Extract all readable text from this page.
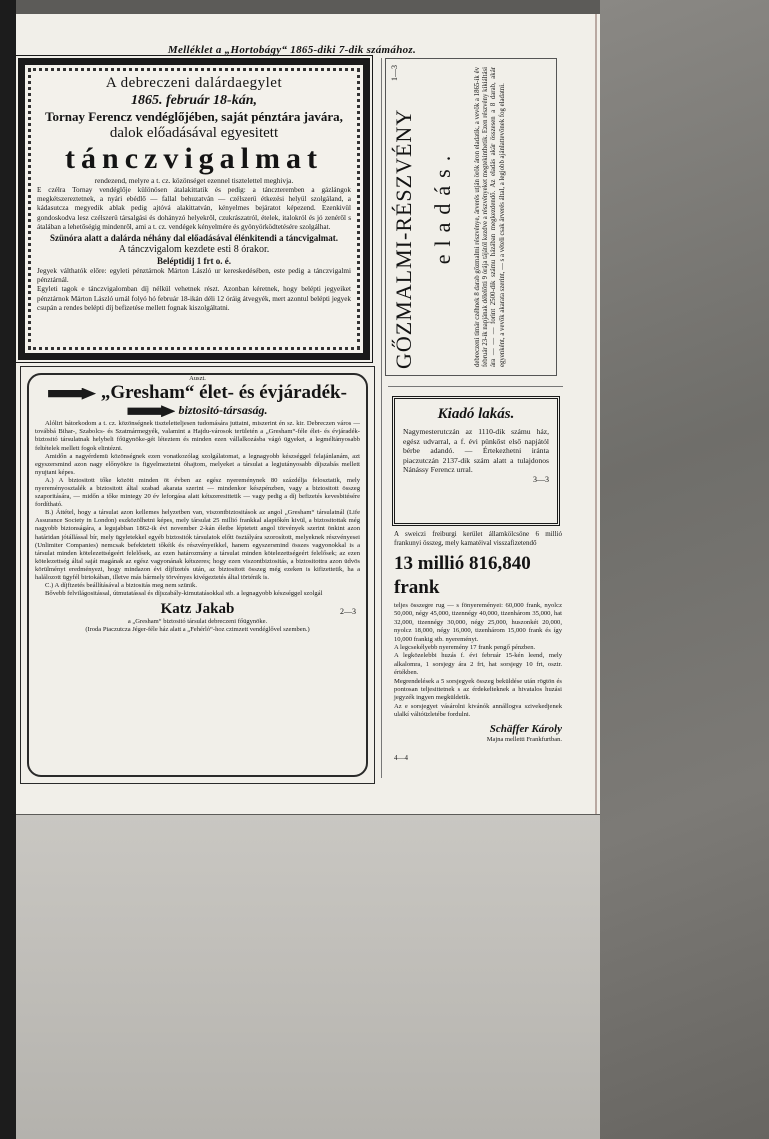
Melléklet a „Hortobágy“ 1865-diki 7-dik számához.
A debreczeni dalárdaegylet
1865. február 18-kán,
Tornay Ferencz vendéglőjében, saját pénztára javára,
dalok előadásával egyesitett
tánczvigalmat
rendezend, melyre a t. cz. közönséget ezennel tisztelettel meghivja.
E czélra Tornay vendéglője különösen átalakittatik és pedig: a tánczteremben a gázlángok megkétszereztetnek, a nyári ebédlő — fallal behuzatván — czélszerü étkezési helyül szolgáland, a kádasutcza megyedik ablak pedig ajtóvá alakittatván, kényelmes bejáratot képezend. Ezenkivül gondoskodva lesz czélszerü társalgási és dohányzó helyekről, czukrászatról, ételek, italokról és jó zenéről s átalában a lehetőségig mindenről, ami a t. cz. vendégek kényelmére és gyönyörködtetésére szolgálhat.
Szünóra alatt a dalárda néhány dal előadásával élénkitendi a táncvigalmat.
A tánczvigalom kezdete esti 8 órakor.
Beléptidij 1 frt o. é.
Jegyek válthatók előre: egyleti pénztárnok Márton László ur kereskedésében, este pedig a tánczvigalmi pénztárnál.
Egyleti tagok e tánczvigalomban díj nélkül vehetnek részt. Azonban kéretnek, hogy belépti jegyeiket pénztárnok Márton László urnál folyó hó február 18-ikán déli 12 óráig átvegyék, mert azontul belépti jegyek csupán a rendes belépti díj befizetése mellett fognak kiszolgáltatni.
Auszt.
„Gresham“ élet- és évjáradék-
biztositó-társaság.

Alólirt bátorkodom a t. cz. közönségnek tiszteletteljesen tudomására juttatni, miszerint én sz. kir. Debreczen város — továbbá Bihar-, Szabolcs- és Szatmármegyék, valamint a Hajdu-városok területén a „Gresham“-féle élet- és évjáradék-biztositó társulatnak helybeli főügynöke-gét léteztem és minden ezen vállalkozásba vágó ügyeket, a legméltányosabb feltételek mellett fogok elintézni.

Amidőn a nagyérdemü közönségnek ezen vonatkozólag szolgálatomat, a legnagyobb készséggel felajánlanám, azt egyszersmind azon nagy előnyökre is figyelmeztetni óhajtom, melyeket a társulat a legjutányosabb díjszabás mellett nyujtani képes.

A.) A biztositott tőke között minden öt évben az egész nyereménynek 80 százdélja felosztatik, mely nyereményosztalék a biztositott által szabad akarata szerint — mindenkor készpénzben, vagy a biztositott összeg szaporitására, — midőn a tőke mintegy 20 év leforgása alatt kétszeresittetik — vagy pedig a díj befizetés kevesbitésére fordítható.

B.) Áttétel, hogy a társulat azon kellemes helyzetben van, viszontbiztositások az angol „Gresham“ társulatnál (Life Assurance Society in London) eszközölhetni képes, mely társulat 25 millió frankkal alaptőkén kivül, a biztositottak még nagyobb biztonságára, a legujabban 1862-ik évi november 2-kán életbe léptetett angol törvények szerint önkint azon határidan jótállással bír, mely ügyletekkel egyéb biztositók társulatok előtt ösztályára szorosított, melyeknek részvényesei (Unlimiter Companies) nemcsak befektetett tőkéik és részvényeikkel, hanem egyszersmind összes vagyonokkal is a társulat minden kötelezettségeért felelősek, az ezen határozmány a társulat minden kötelezettségeért felelősek; az ezen kötelezettség által saját magának az egész vagyonának kétszeres; hogy ezen viszontbiztositás, a biztositottra azon üdvös körülményt eredményezi, hogy mindazon évi díjfizetés után, az biztositott összeg még ezeken is kifizettetik, ha a halálozott ügyfél birtokában, illetve más bármely törvényes kivégeztetés által történik is.

C.) A díjfizetés beállításával a biztositás meg nem szünik.

Bővebb felvilágositással, útmutatással és díjszabály-kimutatásokkal stb. a legnagyobb készséggel szolgál

Katz Jakab	2—3
a „Gresham“ biztositó társulat debreczeni főügynöke.
(Iroda Piaczutcza Jéger-féle ház alatt a „Fehérló“-hoz czimzett vendéglővel szemben.)
GŐZMALMI-RÉSZVÉNY
1—3
eladás.	debreczeni timár czéhnek 8 darab gőzmalmi részvénye, árverés utján örök áron eladatik, a vevők a 1865-ik év február 23-ik napjának délelőtti 9 órája tájától kezdve a részvényeket megtekinthetik. Ezen részvény kikiáltási ára — — — forint 2500-dik számu házában megkezdendő. Az eladás akár összesen a 8 darab, akár egyenként, a vevők akarata szerint, — s a vételi csak árverés által, a legjobb ajánlattevőnek fog eladatni.
Kiadó lakás.
Nagymesterutczán az 1110-dik számu ház, egész udvarral, a f. évi pünkőst első napjától bérbe adandó. — Értekezhetni iránta piaczutczán 2137-dik szám alatt a tulajdonos Nánássy Ferencz urral.
3—3
A sweiczi freiburgi kerület államkölcsöne 6 millió frankunyi összeg, mely kamatéival visszafizetendő
13 millió 816,840 frank
teljes összegre rug — s fönyereményei: 60,000 frank, nyolcz 50,000, négy 45,000, tizennégy 40,000, tizenhárom 35,000, hat 32,000, tizennégy 30,000, négy 25,000, huszonkét 20,000, nyolcz 18,000, négy 16,000, tizenhárom 15,000 frank és így 10,000 frankig stb. nyereményt.
A legcsekélyebb nyeremény 17 frank pengő pénzben.
A legközelebbi huzás f. évi február 15-kén leend, mely alkalomra, 1 sorsjegy ára 2 frt, hat sorsjegy 10 frt, osztr. értékben.
Megrendelések a 5 sorsjegyek összeg beküldése után rögtön és pontosan teljesittetnek s az érdekelteknek a hivatalos huzási jegyzék ingyen megküldetik.
Az e sorsjegyet vásárolni kivánók annállogva szivekedjenek ulalkí váltóüzletébe fordulni.
Schäffer Károly
Majna melletti Frankfurtban.
4—4
